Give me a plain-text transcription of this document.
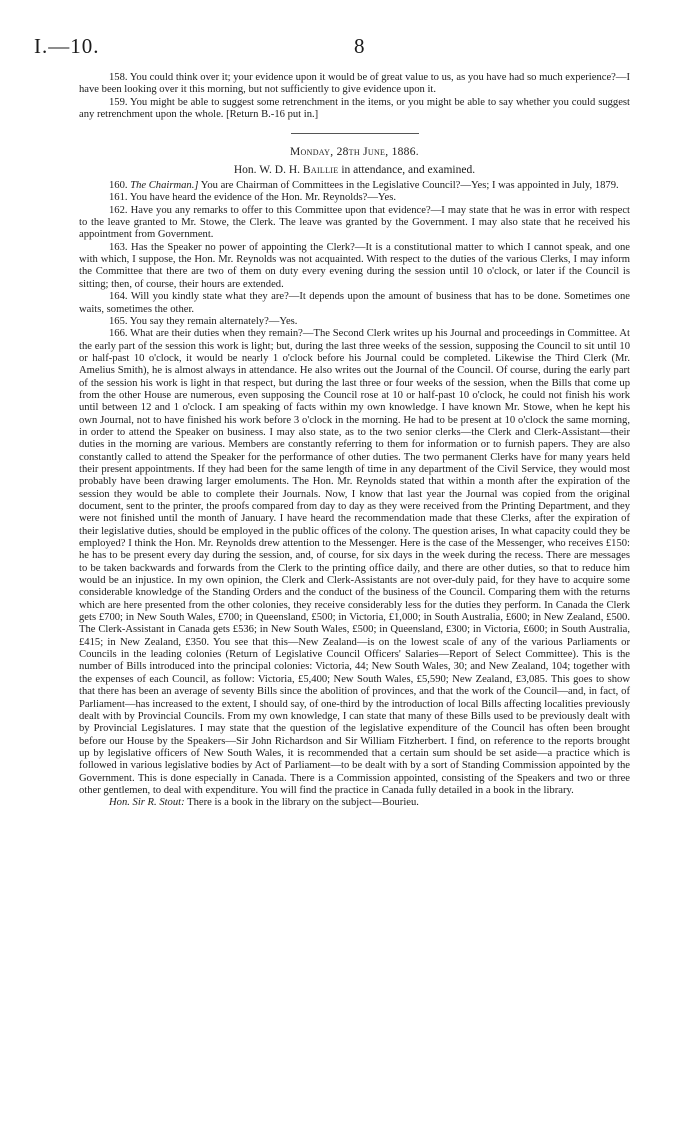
I.—10.	8

158. You could think over it; your evidence upon it would be of great value to us, as you have had so much experience?—I have been looking over it this morning, but not sufficiently to give evidence upon it.

159. You might be able to suggest some retrenchment in the items, or you might be able to say whether you could suggest any retrenchment upon the whole. [Return B.-16 put in.]

Monday, 28th June, 1886.
Hon. W. D. H. Baillie in attendance, and examined.

160. The Chairman.] You are Chairman of Committees in the Legislative Council?—Yes; I was appointed in July, 1879.

161. You have heard the evidence of the Hon. Mr. Reynolds?—Yes.

162. Have you any remarks to offer to this Committee upon that evidence?—I may state that he was in error with respect to the leave granted to Mr. Stowe, the Clerk. The leave was granted by the Government. I may also state that he received his appointment from Government.

163. Has the Speaker no power of appointing the Clerk?—It is a constitutional matter to which I cannot speak, and one with which, I suppose, the Hon. Mr. Reynolds was not acquainted. With respect to the duties of the various Clerks, I may inform the Committee that there are two of them on duty every evening during the session until 10 o'clock, or later if the Council is sitting; then, of course, their hours are extended.

164. Will you kindly state what they are?—It depends upon the amount of business that has to be done. Sometimes one waits, sometimes the other.

165. You say they remain alternately?—Yes.

166. What are their duties when they remain?—The Second Clerk writes up his Journal and proceedings in Committee. At the early part of the session this work is light; but, during the last three weeks of the session, supposing the Council to sit until 10 or half-past 10 o'clock, it would be nearly 1 o'clock before his Journal could be completed. Likewise the Third Clerk (Mr. Amelius Smith), he is almost always in attendance. He also writes out the Journal of the Council. Of course, during the early part of the session his work is light in that respect, but during the last three or four weeks of the session, when the Bills that come up from the other House are numerous, even supposing the Council rose at 10 or half-past 10 o'clock, he could not finish his work until between 12 and 1 o'clock. I am speaking of facts within my own knowledge. I have known Mr. Stowe, when he kept his own Journal, not to have finished his work before 3 o'clock in the morning. He had to be present at 10 o'clock the same morning, in order to attend the Speaker on business. I may also state, as to the two senior clerks—the Clerk and Clerk-Assistant—their duties in the morning are various. Members are constantly referring to them for information or to furnish papers. They are also constantly called to attend the Speaker for the performance of other duties. The two permanent Clerks have for many years held their present appointments. If they had been for the same length of time in any department of the Civil Service, they would most probably have been drawing larger emoluments. The Hon. Mr. Reynolds stated that within a month after the expiration of the session they would be able to complete their Journals. Now, I know that last year the Journal was copied from the original document, sent to the printer, the proofs compared from day to day as they were received from the Printing Department, and they were not finished until the month of January. I have heard the recommendation made that these Clerks, after the expiration of their legislative duties, should be employed in the public offices of the colony. The question arises, In what capacity could they be employed? I think the Hon. Mr. Reynolds drew attention to the Messenger. Here is the case of the Messenger, who receives £150: he has to be present every day during the session, and, of course, for six days in the week during the recess. There are messages to be taken backwards and forwards from the Clerk to the printing office daily, and there are other duties, so that to reduce him would be an injustice. In my own opinion, the Clerk and Clerk-Assistants are not over-duly paid, for they have to acquire some considerable knowledge of the Standing Orders and the conduct of the business of the Council. Comparing them with the returns which are here presented from the other colonies, they receive considerably less for the duties they perform. In Canada the Clerk gets £700; in New South Wales, £700; in Queensland, £500; in Victoria, £1,000; in South Australia, £600; in New Zealand, £500. The Clerk-Assistant in Canada gets £536; in New South Wales, £500; in Queensland, £300; in Victoria, £600; in South Australia, £415; in New Zealand, £350. You see that this—New Zealand—is on the lowest scale of any of the various Parliaments or Councils in the leading colonies (Return of Legislative Council Officers' Salaries—Report of Select Committee). This is the number of Bills introduced into the principal colonies: Victoria, 44; New South Wales, 30; and New Zealand, 104; together with the expenses of each Council, as follow: Victoria, £5,400; New South Wales, £5,590; New Zealand, £3,085. This goes to show that there has been an average of seventy Bills since the abolition of provinces, and that the work of the Council—and, in fact, of Parliament—has increased to the extent, I should say, of one-third by the introduction of local Bills affecting localities previously dealt with by Provincial Councils. From my own knowledge, I can state that many of these Bills used to be previously dealt with by Provincial Legislatures. I may state that the question of the legislative expenditure of the Council has often been brought before our House by the Speakers—Sir John Richardson and Sir William Fitzherbert. I find, on reference to the reports brought up by legislative officers of New South Wales, it is recommended that a certain sum should be set aside—a practice which is followed in various legislative bodies by Act of Parliament—to be dealt with by a sort of Standing Commission appointed by the Government. This is done especially in Canada. There is a Commission appointed, consisting of the Speakers and two or three other gentlemen, to deal with expenditure. You will find the practice in Canada fully detailed in a book in the library.

Hon. Sir R. Stout: There is a book in the library on the subject—Bourieu.
